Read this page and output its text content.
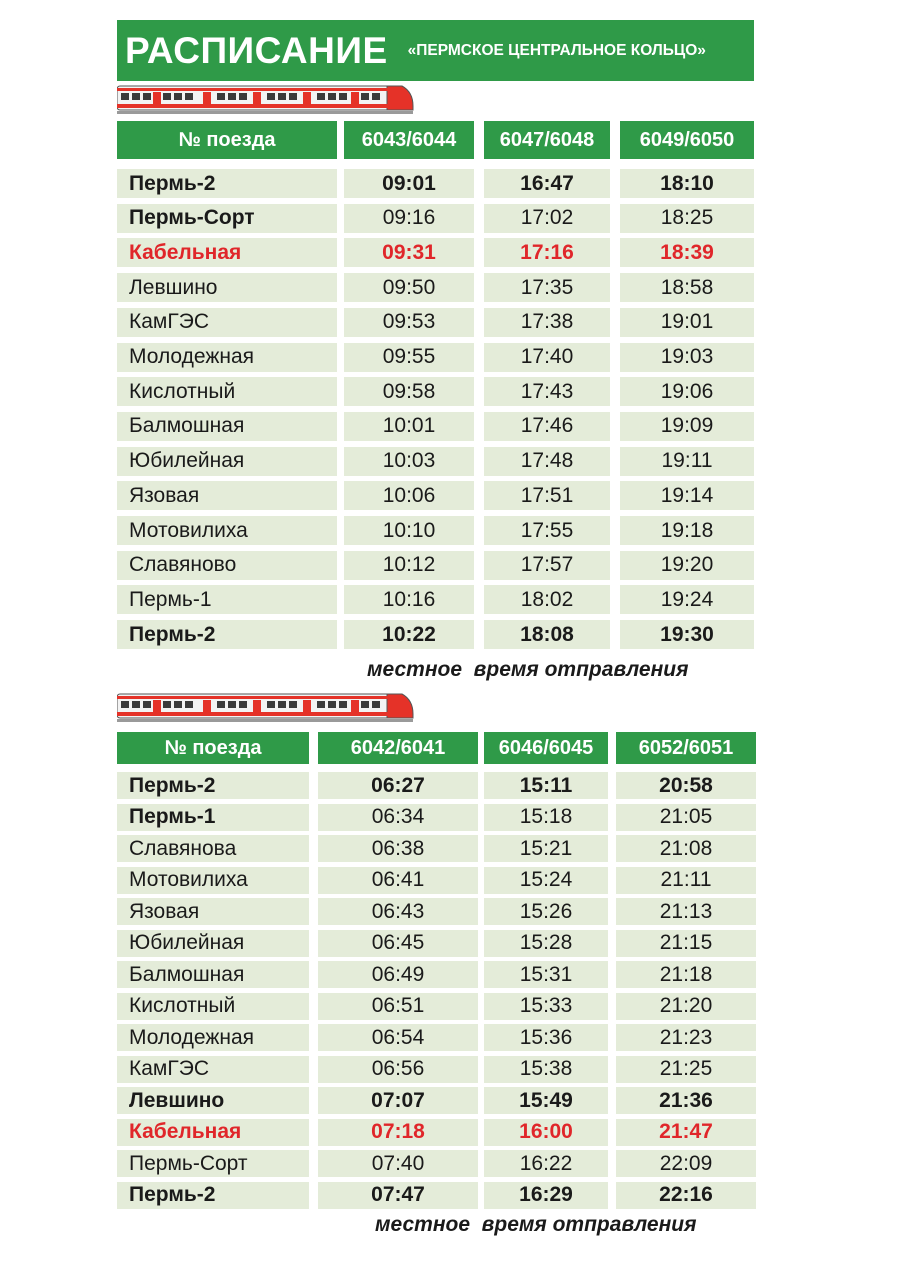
РАСПИСАНИЕ «ПЕРМСКОЕ ЦЕНТРАЛЬНОЕ КОЛЬЦО»
№ поезда	6043/6044	6047/6048	6049/6050
Пермь-2	09:01	16:47	18:10
Пермь-Сорт	09:16	17:02	18:25
Кабельная	09:31	17:16	18:39
Левшино	09:50	17:35	18:58
КамГЭС	09:53	17:38	19:01
Молодежная	09:55	17:40	19:03
Кислотный	09:58	17:43	19:06
Балмошная	10:01	17:46	19:09
Юбилейная	10:03	17:48	19:11
Язовая	10:06	17:51	19:14
Мотовилиха	10:10	17:55	19:18
Славяново	10:12	17:57	19:20
Пермь-1	10:16	18:02	19:24
Пермь-2	10:22	18:08	19:30
местное  время отправления
№ поезда	6042/6041	6046/6045	6052/6051
Пермь-2	06:27	15:11	20:58
Пермь-1	06:34	15:18	21:05
Славянова	06:38	15:21	21:08
Мотовилиха	06:41	15:24	21:11
Язовая	06:43	15:26	21:13
Юбилейная	06:45	15:28	21:15
Балмошная	06:49	15:31	21:18
Кислотный	06:51	15:33	21:20
Молодежная	06:54	15:36	21:23
КамГЭС	06:56	15:38	21:25
Левшино	07:07	15:49	21:36
Кабельная	07:18	16:00	21:47
Пермь-Сорт	07:40	16:22	22:09
Пермь-2	07:47	16:29	22:16
местное  время отправления
